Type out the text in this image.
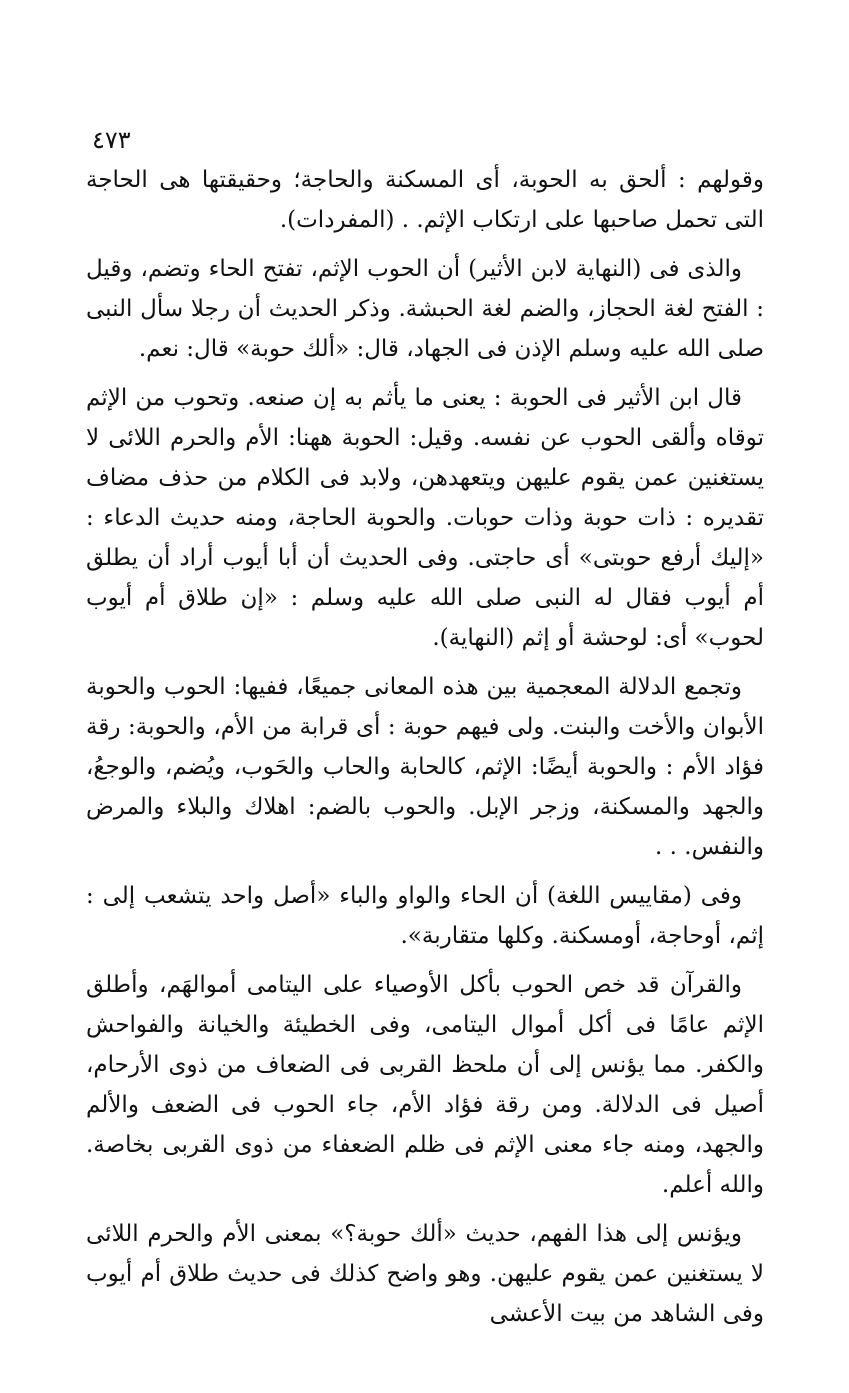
٤٧٣

وقولهم : ألحق به الحوبة، أى المسكنة والحاجة؛ وحقيقتها هى الحاجة التى تحمل صاحبها على ارتكاب الإثم. . (المفردات).

والذى فى (النهاية لابن الأثير) أن الحوب الإثم، تفتح الحاء وتضم، وقيل : الفتح لغة الحجاز، والضم لغة الحبشة. وذكر الحديث أن رجلا سأل النبى صلى الله عليه وسلم الإذن فى الجهاد، قال: «ألك حوبة» قال: نعم.

قال ابن الأثير فى الحوبة : يعنى ما يأثم به إن صنعه. وتحوب من الإثم توقاه وألقى الحوب عن نفسه. وقيل: الحوبة ههنا: الأم والحرم اللائى لا يستغنين عمن يقوم عليهن ويتعهدهن، ولابد فى الكلام من حذف مضاف تقديره : ذات حوبة وذات حوبات. والحوبة الحاجة، ومنه حديث الدعاء : «إليك أرفع حوبتى» أى حاجتى. وفى الحديث أن أبا أيوب أراد أن يطلق أم أيوب فقال له النبى صلى الله عليه وسلم : «إن طلاق أم أيوب لحوب» أى: لوحشة أو إثم (النهاية).

وتجمع الدلالة المعجمية بين هذه المعانى جميعًا، ففيها: الحوب والحوبة الأبوان والأخت والبنت. ولى فيهم حوبة : أى قرابة من الأم، والحوبة: رقة فؤاد الأم : والحوبة أيضًا: الإثم، كالحابة والحاب والحَوب، ويُضم، والوجعُ، والجهد والمسكنة، وزجر الإبل. والحوب بالضم: اهلاك والبلاء والمرض والنفس. . .

وفى (مقاييس اللغة) أن الحاء والواو والباء «أصل واحد يتشعب إلى : إثم، أوحاجة، أومسكنة. وكلها متقاربة».

والقرآن قد خص الحوب بأكل الأوصياء على اليتامى أموالهَم، وأطلق الإثم عامًا فى أكل أموال اليتامى، وفى الخطيئة والخيانة والفواحش والكفر. مما يؤنس إلى أن ملحظ القربى فى الضعاف من ذوى الأرحام، أصيل فى الدلالة. ومن رقة فؤاد الأم، جاء الحوب فى الضعف والألم والجهد، ومنه جاء معنى الإثم فى ظلم الضعفاء من ذوى القربى بخاصة. والله أعلم.

ويؤنس إلى هذا الفهم، حديث «ألك حوبة؟» بمعنى الأم والحرم اللائى لا يستغنين عمن يقوم عليهن. وهو واضح كذلك فى حديث طلاق أم أيوب وفى الشاهد من بيت الأعشى
